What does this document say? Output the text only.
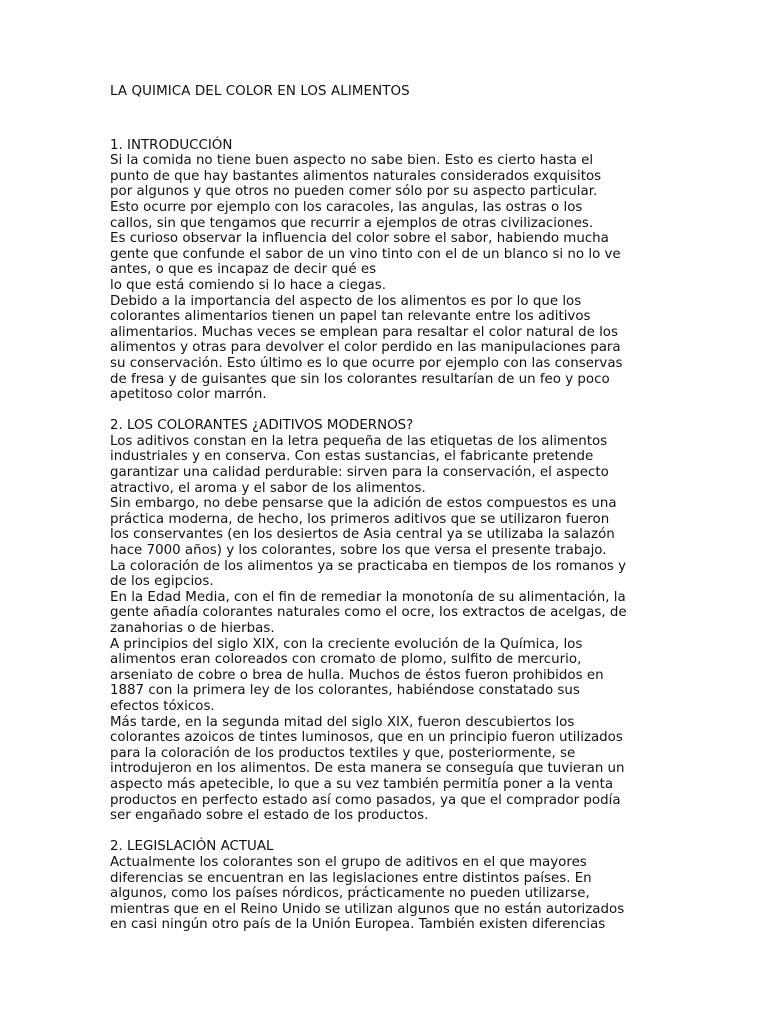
LA QUIMICA DEL COLOR EN LOS ALIMENTOS
1. INTRODUCCIÓN
Si la comida no tiene buen aspecto no sabe bien. Esto es cierto hasta el
punto de que hay bastantes alimentos naturales considerados exquisitos
por algunos y que otros no pueden comer sólo por su aspecto particular.
Esto ocurre por ejemplo con los caracoles, las angulas, las ostras o los
callos, sin que tengamos que recurrir a ejemplos de otras civilizaciones.
Es curioso observar la influencia del color sobre el sabor, habiendo mucha
gente que confunde el sabor de un vino tinto con el de un blanco si no lo ve
antes, o que es incapaz de decir qué es
lo que está comiendo si lo hace a ciegas.
Debido a la importancia del aspecto de los alimentos es por lo que los
colorantes alimentarios tienen un papel tan relevante entre los aditivos
alimentarios. Muchas veces se emplean para resaltar el color natural de los
alimentos y otras para devolver el color perdido en las manipulaciones para
su conservación. Esto último es lo que ocurre por ejemplo con las conservas
de fresa y de guisantes que sin los colorantes resultarían de un feo y poco
apetitoso color marrón.
2. LOS COLORANTES ¿ADITIVOS MODERNOS?
Los aditivos constan en la letra pequeña de las etiquetas de los alimentos
industriales y en conserva. Con estas sustancias, el fabricante pretende
garantizar una calidad perdurable: sirven para la conservación, el aspecto
atractivo, el aroma y el sabor de los alimentos.
Sin embargo, no debe pensarse que la adición de estos compuestos es una
práctica moderna, de hecho, los primeros aditivos que se utilizaron fueron
los conservantes (en los desiertos de Asia central ya se utilizaba la salazón
hace 7000 años) y los colorantes, sobre los que versa el presente trabajo.
La coloración de los alimentos ya se practicaba en tiempos de los romanos y
de los egipcios.
En la Edad Media, con el fin de remediar la monotonía de su alimentación, la
gente añadía colorantes naturales como el ocre, los extractos de acelgas, de
zanahorias o de hierbas.
A principios del siglo XIX, con la creciente evolución de la Química, los
alimentos eran coloreados con cromato de plomo, sulfito de mercurio,
arseniato de cobre o brea de hulla. Muchos de éstos fueron prohibidos en
1887 con la primera ley de los colorantes, habiéndose constatado sus
efectos tóxicos.
Más tarde, en la segunda mitad del siglo XIX, fueron descubiertos los
colorantes azoicos de tintes luminosos, que en un principio fueron utilizados
para la coloración de los productos textiles y que, posteriormente, se
introdujeron en los alimentos. De esta manera se conseguía que tuvieran un
aspecto más apetecible, lo que a su vez también permitía poner a la venta
productos en perfecto estado así como pasados, ya que el comprador podía
ser engañado sobre el estado de los productos.
2. LEGISLACIÓN ACTUAL
Actualmente los colorantes son el grupo de aditivos en el que mayores
diferencias se encuentran en las legislaciones entre distintos países. En
algunos, como los países nórdicos, prácticamente no pueden utilizarse,
mientras que en el Reino Unido se utilizan algunos que no están autorizados
en casi ningún otro país de la Unión Europea. También existen diferencias
